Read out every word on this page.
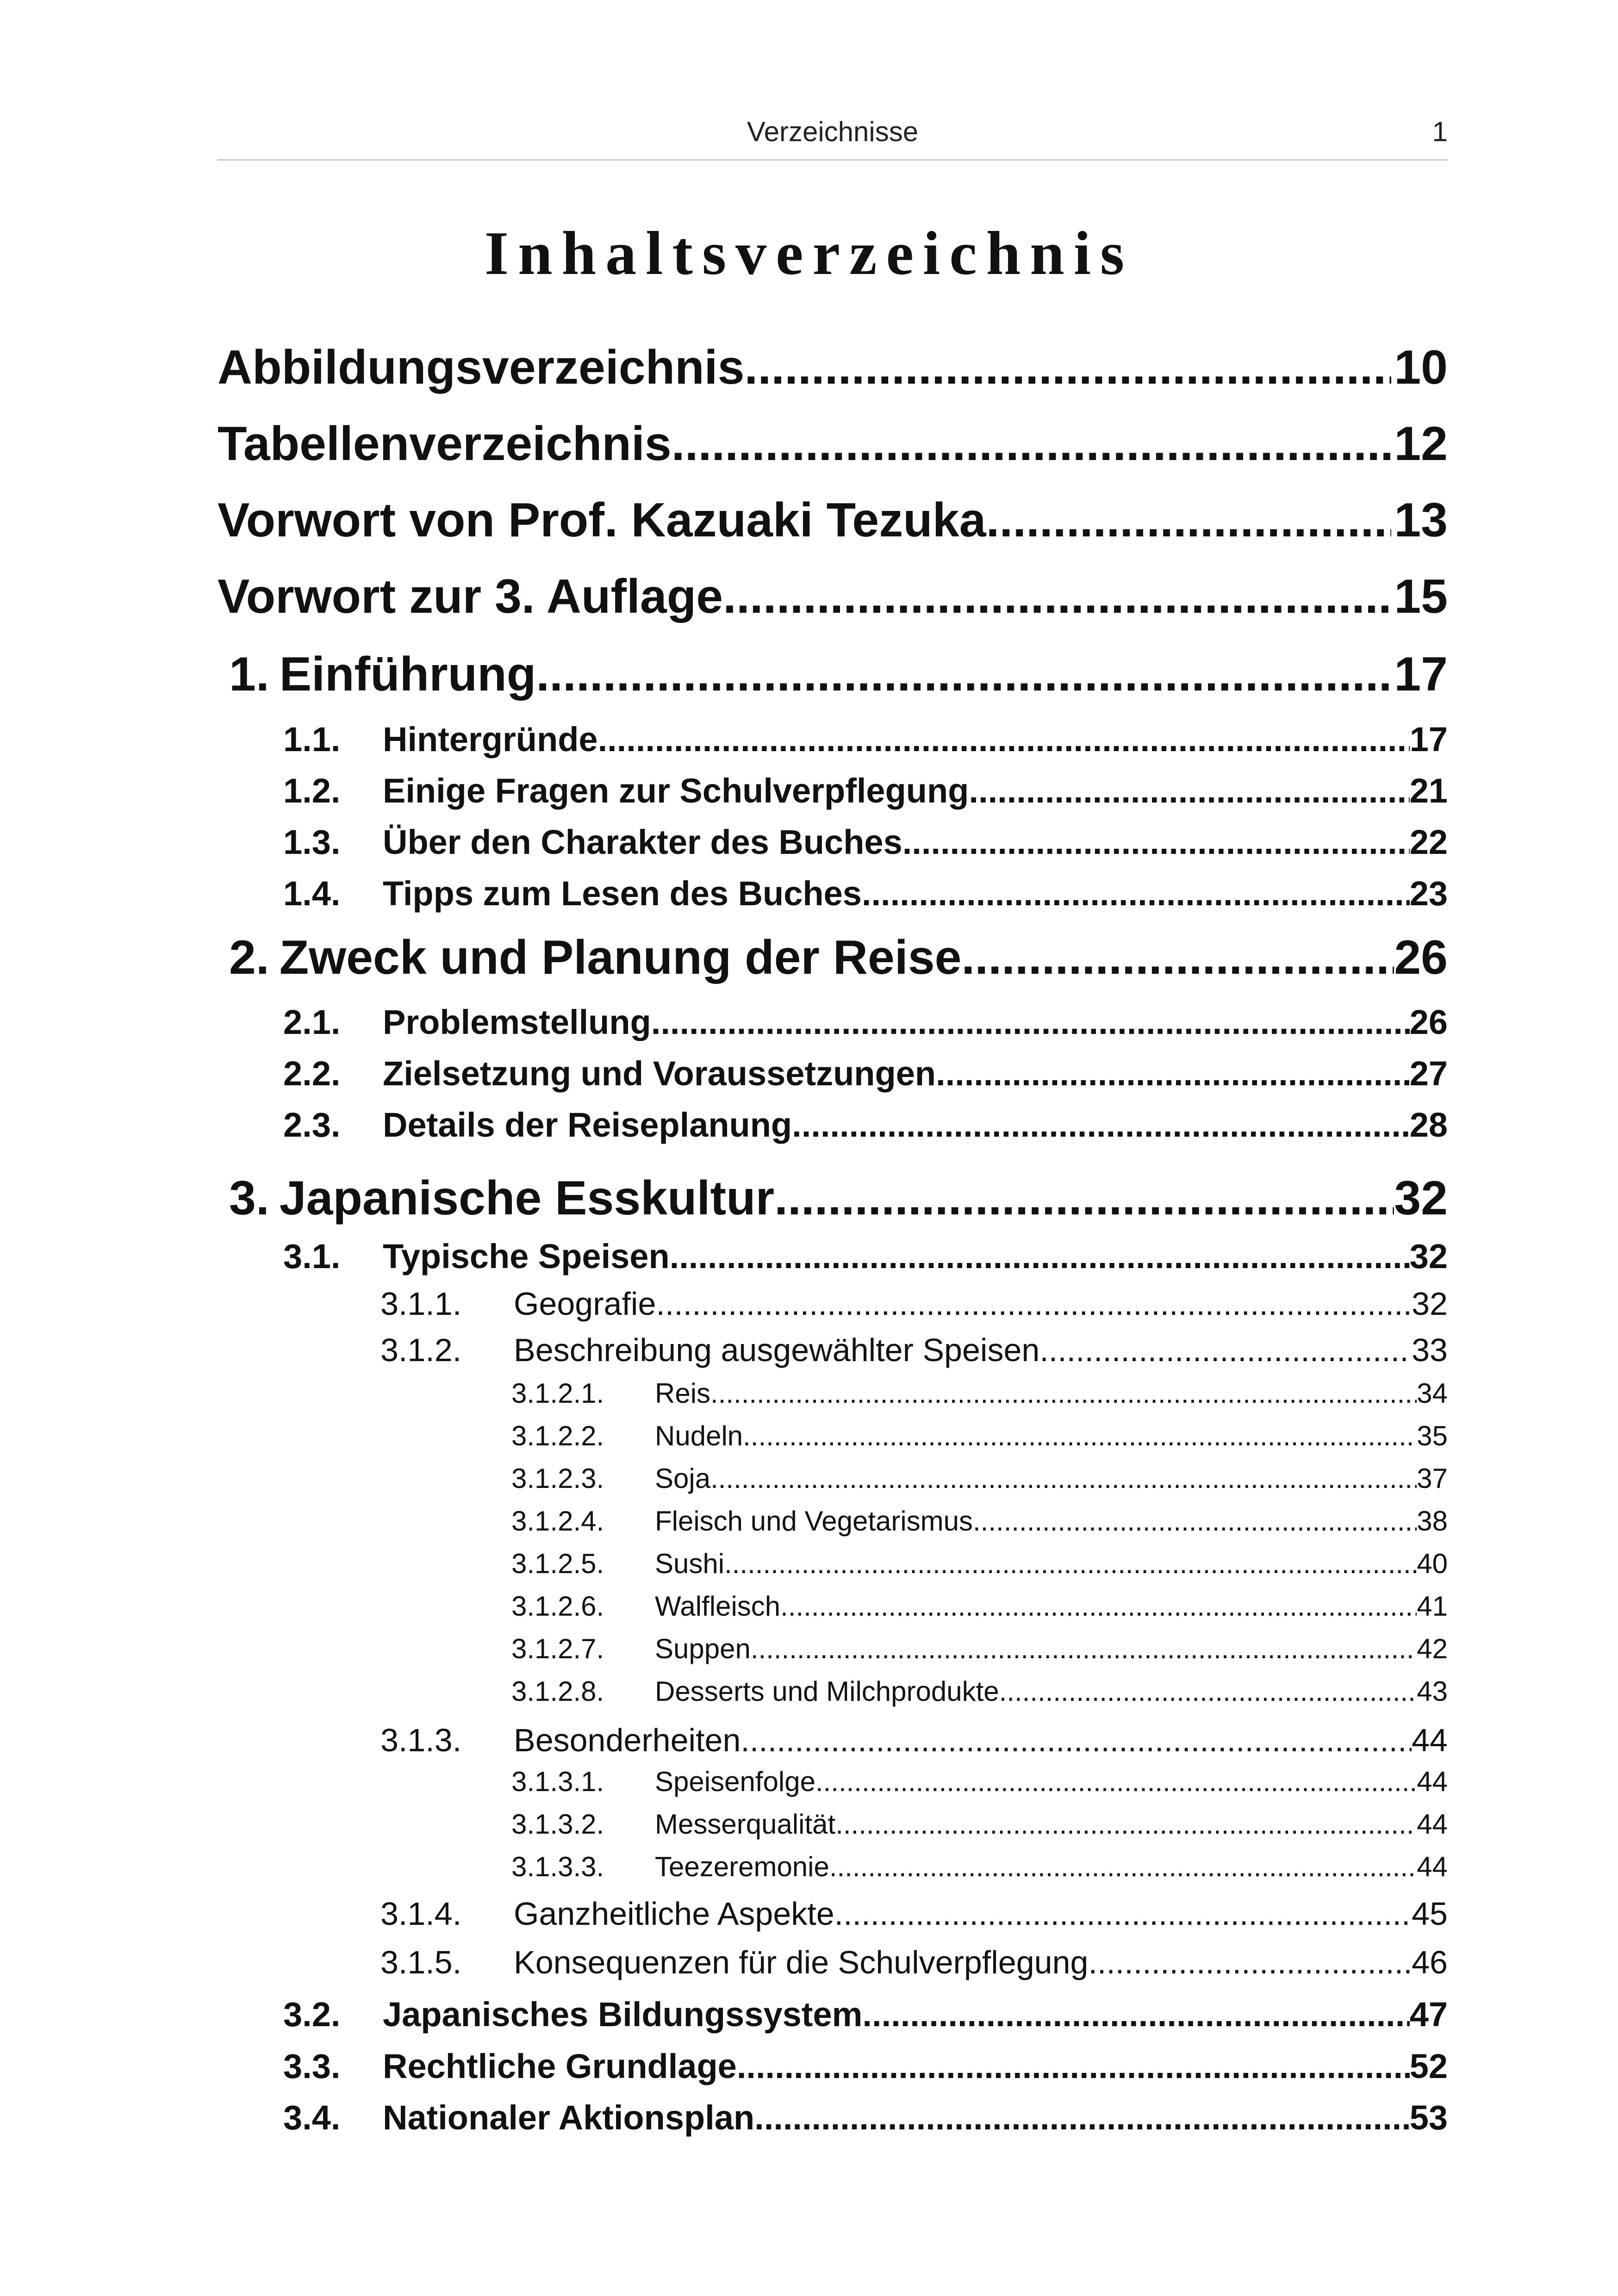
Verzeichnisse	1
Inhaltsverzeichnis
Abbildungsverzeichnis .....	10
Tabellenverzeichnis .....	12
Vorwort von Prof. Kazuaki Tezuka .....	13
Vorwort zur 3. Auflage .....	15
1. Einführung .....	17
1.1.	Hintergründe .....	17
1.2.	Einige Fragen zur Schulverpflegung .....	21
1.3.	Über den Charakter des Buches .....	22
1.4.	Tipps zum Lesen des Buches .....	23
2. Zweck und Planung der Reise .....	26
2.1.	Problemstellung .....	26
2.2.	Zielsetzung und Voraussetzungen .....	27
2.3.	Details der Reiseplanung .....	28
3. Japanische Esskultur .....	32
3.1.	Typische Speisen .....	32
3.1.1.	Geografie .....	32
3.1.2.	Beschreibung ausgewählter Speisen .....	33
3.1.2.1.	Reis .....	34
3.1.2.2.	Nudeln .....	35
3.1.2.3.	Soja .....	37
3.1.2.4.	Fleisch und Vegetarismus .....	38
3.1.2.5.	Sushi .....	40
3.1.2.6.	Walfleisch .....	41
3.1.2.7.	Suppen .....	42
3.1.2.8.	Desserts und Milchprodukte .....	43
3.1.3.	Besonderheiten .....	44
3.1.3.1.	Speisenfolge .....	44
3.1.3.2.	Messerqualität .....	44
3.1.3.3.	Teezeremonie .....	44
3.1.4.	Ganzheitliche Aspekte .....	45
3.1.5.	Konsequenzen für die Schulverpflegung .....	46
3.2.	Japanisches Bildungssystem .....	47
3.3.	Rechtliche Grundlage .....	52
3.4.	Nationaler Aktionsplan .....	53
